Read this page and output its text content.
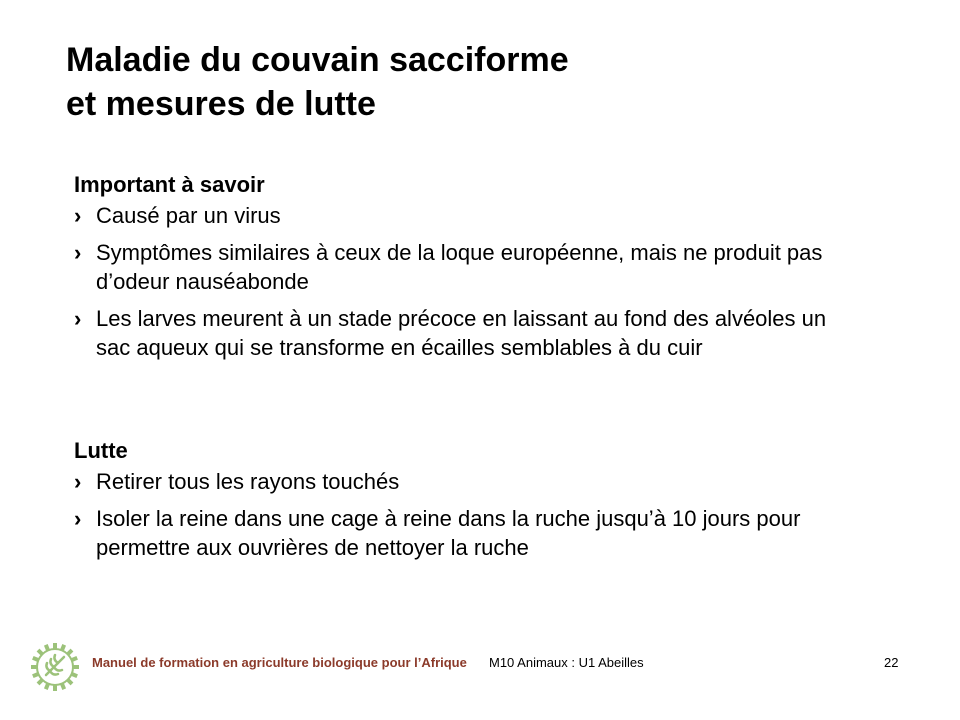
Maladie du couvain sacciforme
et mesures de lutte
Important à savoir
› Causé par un virus
› Symptômes similaires à ceux de la loque européenne, mais ne produit pas d’odeur nauséabonde
› Les larves meurent à un stade précoce en laissant au fond des alvéoles un sac aqueux qui se transforme en écailles semblables à du cuir
Lutte
› Retirer tous les rayons touchés
› Isoler la reine dans une cage à reine dans la ruche jusqu’à 10 jours pour permettre aux ouvrières de nettoyer la ruche
Manuel de formation en agriculture biologique pour l’Afrique M10 Animaux : U1 Abeilles	22
